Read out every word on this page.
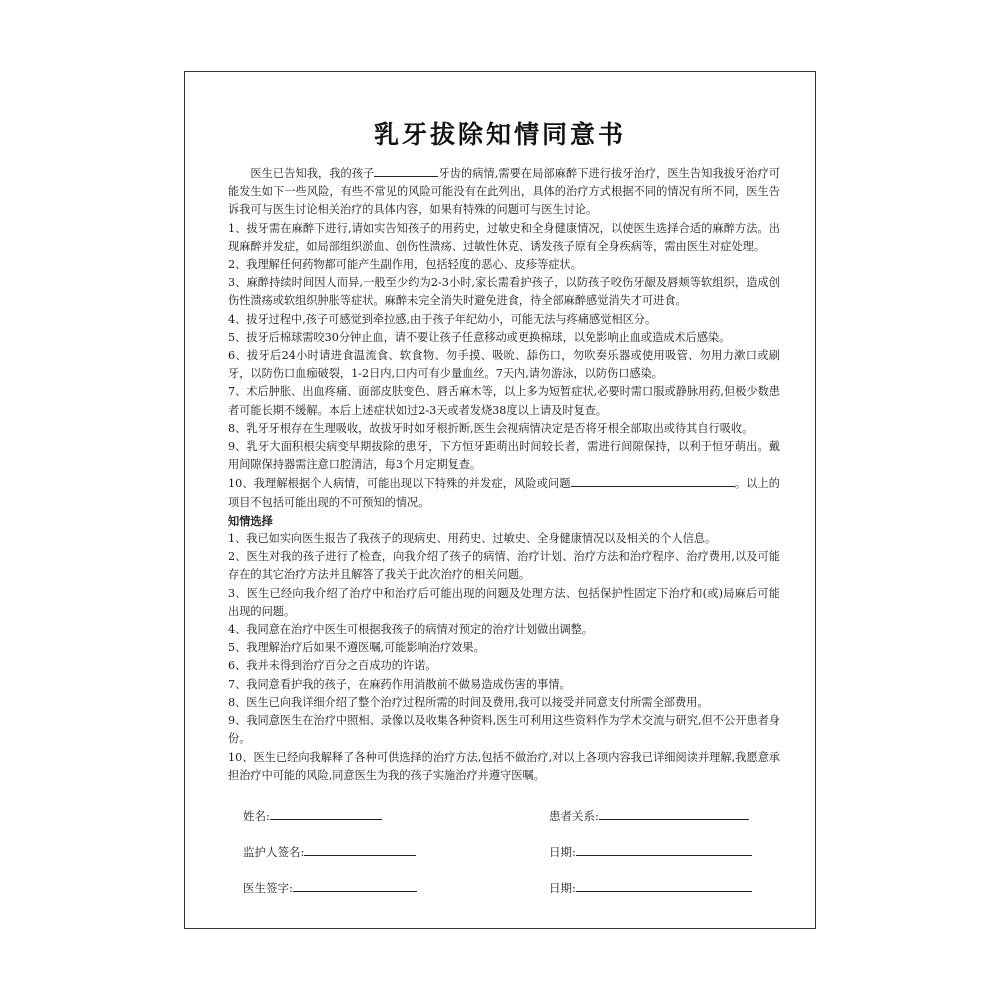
乳牙拔除知情同意书

医生已告知我，我的孩子	牙齿的病情,需要在局部麻醉下进行拔牙治疗，医生告知我拔牙治疗可能发生如下一些风险，有些不常见的风险可能没有在此列出，具体的治疗方式根据不同的情况有所不同，医生告诉我可与医生讨论相关治疗的具体内容，如果有特殊的问题可与医生讨论。

1、拔牙需在麻醉下进行,请如实告知孩子的用药史，过敏史和全身健康情况，以使医生选择合适的麻醉方法。出现麻醉并发症，如局部组织淤血、创伤性溃疡、过敏性休克、诱发孩子原有全身疾病等，需由医生对症处理。

2、我理解任何药物都可能产生副作用，包括轻度的恶心、皮疹等症状。

3、麻醉持续时间因人而异,一般至少约为2-3小时,家长需看护孩子，以防孩子咬伤牙龈及唇颊等软组织，造成创伤性溃疡或软组织肿胀等症状。麻醉未完全消失时避免进食，待全部麻醉感觉消失才可进食。

4、拔牙过程中,孩子可感觉到牵拉感,由于孩子年纪幼小，可能无法与疼痛感觉相区分。

5、拔牙后棉球需咬30分钟止血，请不要让孩子任意移动或更换棉球，以免影响止血或造成术后感染。

6、拔牙后24小时请进食温流食、软食物、勿手摸、吸吮、舔伤口，勿吹奏乐器或使用吸管、勿用力漱口或刷牙，以防伤口血痂破裂，1-2日内,口内可有少量血丝。7天内,请勿游泳，以防伤口感染。

7、术后肿胀、出血疼痛、面部皮肤变色、唇舌麻木等，以上多为短暂症状,必要时需口服或静脉用药,但极少数患者可能长期不缓解。本后上述症状如过2-3天或者发烧38度以上请及时复查。

8、乳牙牙根存在生理吸收，故拔牙时如牙根折断,医生会视病情决定是否将牙根全部取出或待其自行吸收。

9、乳牙大面积根尖病变早期拔除的患牙，下方恒牙距萌出时间较长者，需进行间隙保持，以利于恒牙萌出。戴用间隙保持器需注意口腔清洁，每3个月定期复查。

10、我理解根据个人病情，可能出现以下特殊的并发症，风险或问题	。以上的项目不包括可能出现的不可预知的情况。

知情选择

1、我已如实向医生报告了我孩子的现病史、用药史、过敏史、全身健康情况以及相关的个人信息。

2、医生对我的孩子进行了检查，向我介绍了孩子的病情、治疗计划、治疗方法和治疗程序、治疗费用,以及可能存在的其它治疗方法并且解答了我关于此次治疗的相关问题。

3、医生已经向我介绍了治疗中和治疗后可能出现的问题及处理方法、包括保护性固定下治疗和(或)局麻后可能出现的问题。

4、我同意在治疗中医生可根据我孩子的病情对预定的治疗计划做出调整。

5、我理解治疗后如果不遵医嘱,可能影响治疗效果。

6、我并未得到治疗百分之百成功的许诺。

7、我同意看护我的孩子，在麻药作用消散前不做易造成伤害的事情。

8、医生已向我详细介绍了整个治疗过程所需的时间及费用,我可以接受并同意支付所需全部费用。

9、我同意医生在治疗中照相、录像以及收集各种资料,医生可利用这些资料作为学术交流与研究,但不公开患者身份。

10、医生已经向我解释了各种可供选择的治疗方法,包括不做治疗,对以上各项内容我已详细阅读并理解,我愿意承担治疗中可能的风险,同意医生为我的孩子实施治疗并遵守医嘱。

姓名:	患者关系:
监护人签名:	日期:
医生签字:	日期:
